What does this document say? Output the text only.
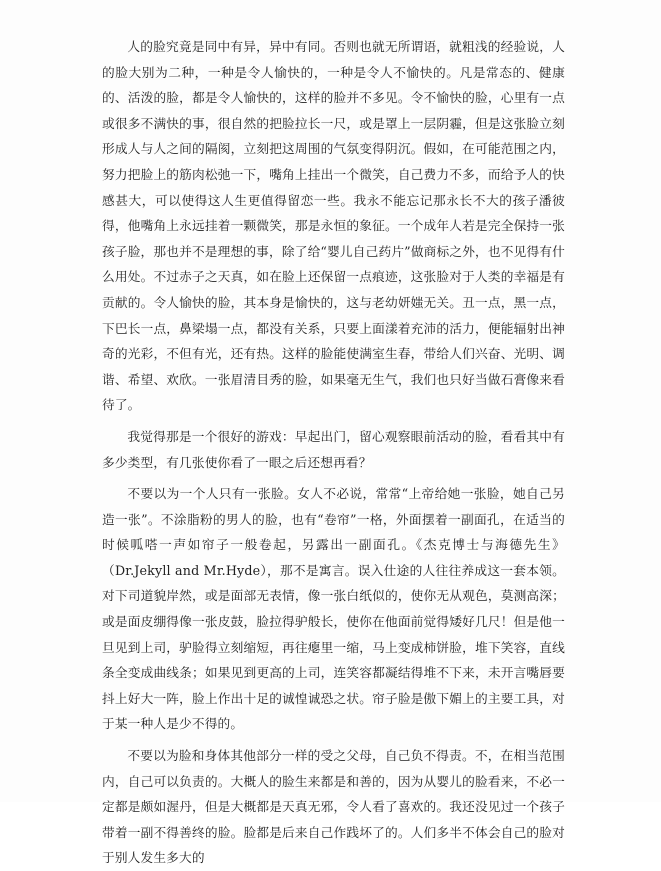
人的脸究竟是同中有异，异中有同。否则也就无所谓语，就粗浅的经验说，人的脸大别为二种，一种是令人愉快的，一种是令人不愉快的。凡是常态的、健康的、活泼的脸，都是令人愉快的，这样的脸并不多见。令不愉快的脸，心里有一点或很多不满快的事，很自然的把脸拉长一尺，或是罩上一层阴霾，但是这张脸立刻形成人与人之间的隔阂，立刻把这周围的气氛变得阴沉。假如，在可能范围之内，努力把脸上的筋肉松弛一下，嘴角上挂出一个微笑，自己费力不多，而给予人的快感甚大，可以使得这人生更值得留恋一些。我永不能忘记那永长不大的孩子潘彼得，他嘴角上永远挂着一颗微笑，那是永恒的象征。一个成年人若是完全保持一张孩子脸，那也并不是理想的事，除了给“婴儿自己药片”做商标之外，也不见得有什么用处。不过赤子之天真，如在脸上还保留一点痕迹，这张脸对于人类的幸福是有贡献的。令人愉快的脸，其本身是愉快的，这与老幼妍媸无关。丑一点，黑一点，下巴长一点，鼻梁塌一点，都没有关系，只要上面漾着充沛的活力，便能辐射出神奇的光彩，不但有光，还有热。这样的脸能使满室生春，带给人们兴奋、光明、调谐、希望、欢欣。一张眉清目秀的脸，如果毫无生气，我们也只好当做石膏像来看待了。

我觉得那是一个很好的游戏：早起出门，留心观察眼前活动的脸，看看其中有多少类型，有几张使你看了一眼之后还想再看？

不要以为一个人只有一张脸。女人不必说，常常“上帝给她一张脸，她自己另造一张”。不涂脂粉的男人的脸，也有“卷帘”一格，外面摆着一副面孔，在适当的时候呱嗒一声如帘子一般卷起，另露出一副面孔。《杰克博士与海德先生》（Dr.Jekyll and Mr.Hyde），那不是寓言。误入仕途的人往往养成这一套本领。对下司道貌岸然，或是面部无表情，像一张白纸似的，使你无从观色，莫测高深；或是面皮绷得像一张皮鼓，脸拉得驴般长，使你在他面前觉得矮好几尺！但是他一旦见到上司，驴脸得立刻缩短，再往瘪里一缩，马上变成柿饼脸，堆下笑容，直线条全变成曲线条；如果见到更高的上司，连笑容都凝结得堆不下来，未开言嘴唇要抖上好大一阵，脸上作出十足的诚惶诚恐之状。帘子脸是傲下媚上的主要工具，对于某一种人是少不得的。

不要以为脸和身体其他部分一样的受之父母，自己负不得责。不，在相当范围内，自己可以负责的。大概人的脸生来都是和善的，因为从婴儿的脸看来，不必一定都是颇如渥丹，但是大概都是天真无邪，令人看了喜欢的。我还没见过一个孩子带着一副不得善终的脸。脸都是后来自己作践坏了的。人们多半不体会自己的脸对于别人发生多大的
